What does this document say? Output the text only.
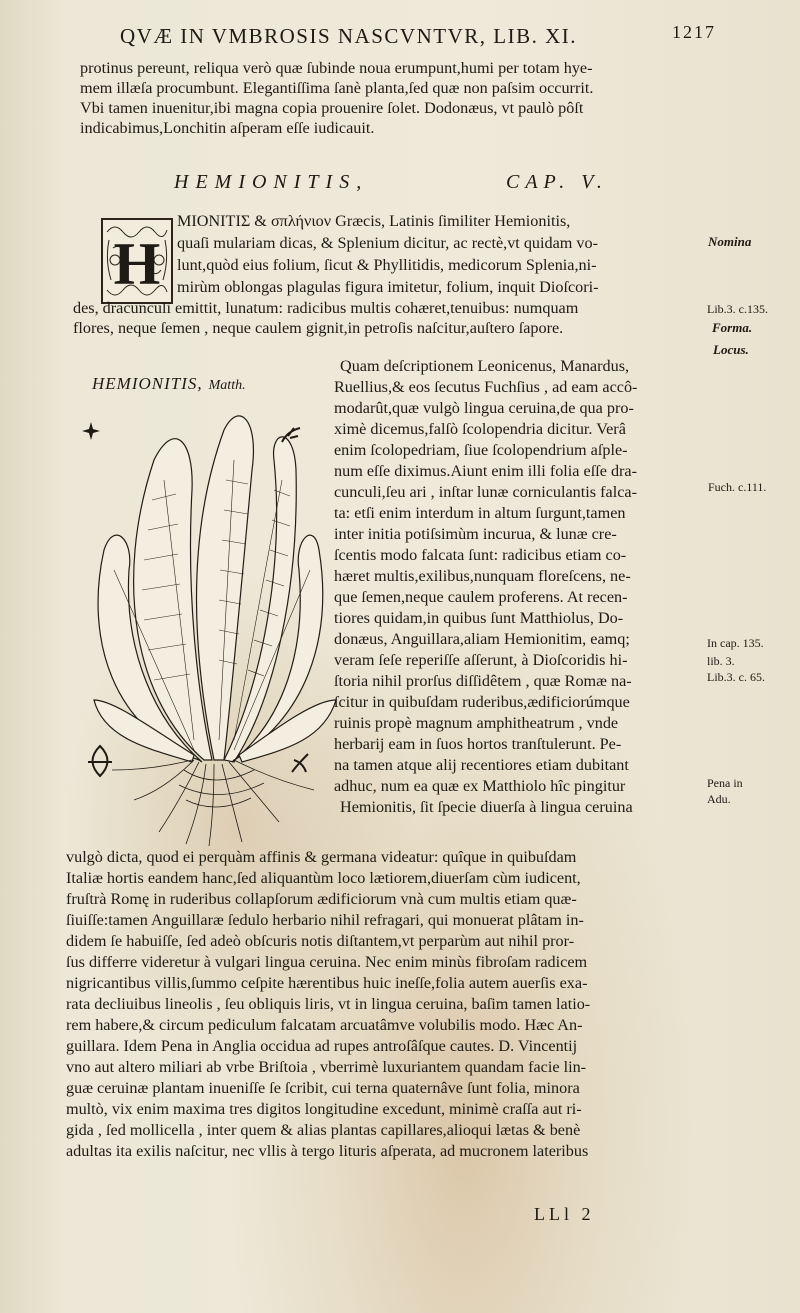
QVÆ IN VMBROSIS NASCVNTVR, LIB. XI.	1217
protinus pereunt, reliqua verò quæ ſubinde noua erumpunt,humi per totam hye-
mem illæſa procumbunt. Elegantiſſima ſanè planta,ſed quæ non paſsim occurrit.
Vbi tamen inuenitur,ibi magna copia prouenire ſolet. Dodonæus, vt paulò pôſt
indicabimus,Lonchitin aſperam eſſe iudicauit.
HEMIONITIS,	CAP. V.
H
MIONITIΣ & σπλήνιον Græcis, Latinis ſimiliter Hemionitis,
quaſi mulariam dicas, & Splenium dicitur, ac rectè,vt quidam vo-
lunt,quòd eius folium, ſicut & Phyllitidis, medicorum Splenia,ni-
mirùm oblongas plagulas figura imitetur, folium, inquit Dioſcori-
des, dracunculi emittit, lunatum: radicibus multis cohæret,tenuibus: numquam
flores, neque ſemen , neque caulem gignit,in petroſis naſcitur,auſtero ſapore.
HEMIONITIS, Matth.
Quam deſcriptionem Leonicenus, Manardus,
Ruellius,& eos ſecutus Fuchſius , ad eam accô-
modarût,quæ vulgò lingua ceruina,de qua pro-
ximè dicemus,falſò ſcolopendria dicitur. Verâ
enim ſcolopedriam, ſiue ſcolopendrium aſple-
num eſſe diximus.Aiunt enim illi folia eſſe dra-
cunculi,ſeu ari , inſtar lunæ corniculantis falca-
ta: etſi enim interdum in altum ſurgunt,tamen
inter initia potiſsimùm incurua, & lunæ cre-
ſcentis modo falcata ſunt: radicibus etiam co-
hæret multis,exilibus,nunquam floreſcens, ne-
que ſemen,neque caulem proferens. At recen-
tiores quidam,in quibus ſunt Matthiolus, Do-
donæus, Anguillara,aliam Hemionitim, eamq;
veram ſeſe reperiſſe aſſerunt, à Dioſcoridis hi-
ſtoria nihil prorſus diſſidêtem , quæ Romæ na-
ſcitur in quibuſdam ruderibus,ædificiorúmque
ruinis propè magnum amphitheatrum , vnde
herbarij eam in ſuos hortos tranſtulerunt. Pe-
na tamen atque alij recentiores etiam dubitant
adhuc, num ea quæ ex Matthiolo hîc pingitur
Hemionitis, ſit ſpecie diuerſa à lingua ceruina
vulgò dicta, quod ei perquàm affinis & germana videatur: quîque in quibuſdam
Italiæ hortis eandem hanc,ſed aliquantùm loco lætiorem,diuerſam cùm iudicent,
fruſtrà Romę in ruderibus collapſorum ædificiorum vnà cum multis etiam quæ-
ſiuiſſe:tamen Anguillaræ ſedulo herbario nihil refragari, qui monuerat plâtam in-
didem ſe habuiſſe, ſed adeò obſcuris notis diſtantem,vt perparùm aut nihil pror-
ſus differre videretur à vulgari lingua ceruina. Nec enim minùs fibroſam radicem
nigricantibus villis,ſummo ceſpite hærentibus huic ineſſe,folia autem auerſis exa-
rata decliuibus lineolis , ſeu obliquis liris, vt in lingua ceruina, baſim tamen latio-
rem habere,& circum pediculum falcatam arcuatâmve volubilis modo. Hæc An-
guillara. Idem Pena in Anglia occidua ad rupes antroſâſque cautes. D. Vincentij
vno aut altero miliari ab vrbe Briſtoia , vberrimè luxuriantem quandam facie lin-
guæ ceruinæ plantam inueniſſe ſe ſcribit, cui terna quaternâve ſunt folia, minora
multò, vix enim maxima tres digitos longitudine excedunt, minimè craſſa aut ri-
gida , ſed mollicella , inter quem & alias plantas capillares,alioqui lætas & benè
adultas ita exilis naſcitur, nec vllis à tergo lituris aſperata, ad mucronem lateribus
LLl 2
Nomina
Lib.3. c.135.
Forma.
Locus.
Fuch. c.111.
In cap. 135.
lib. 3.
Lib.3. c. 65.
Pena in
Adu.
